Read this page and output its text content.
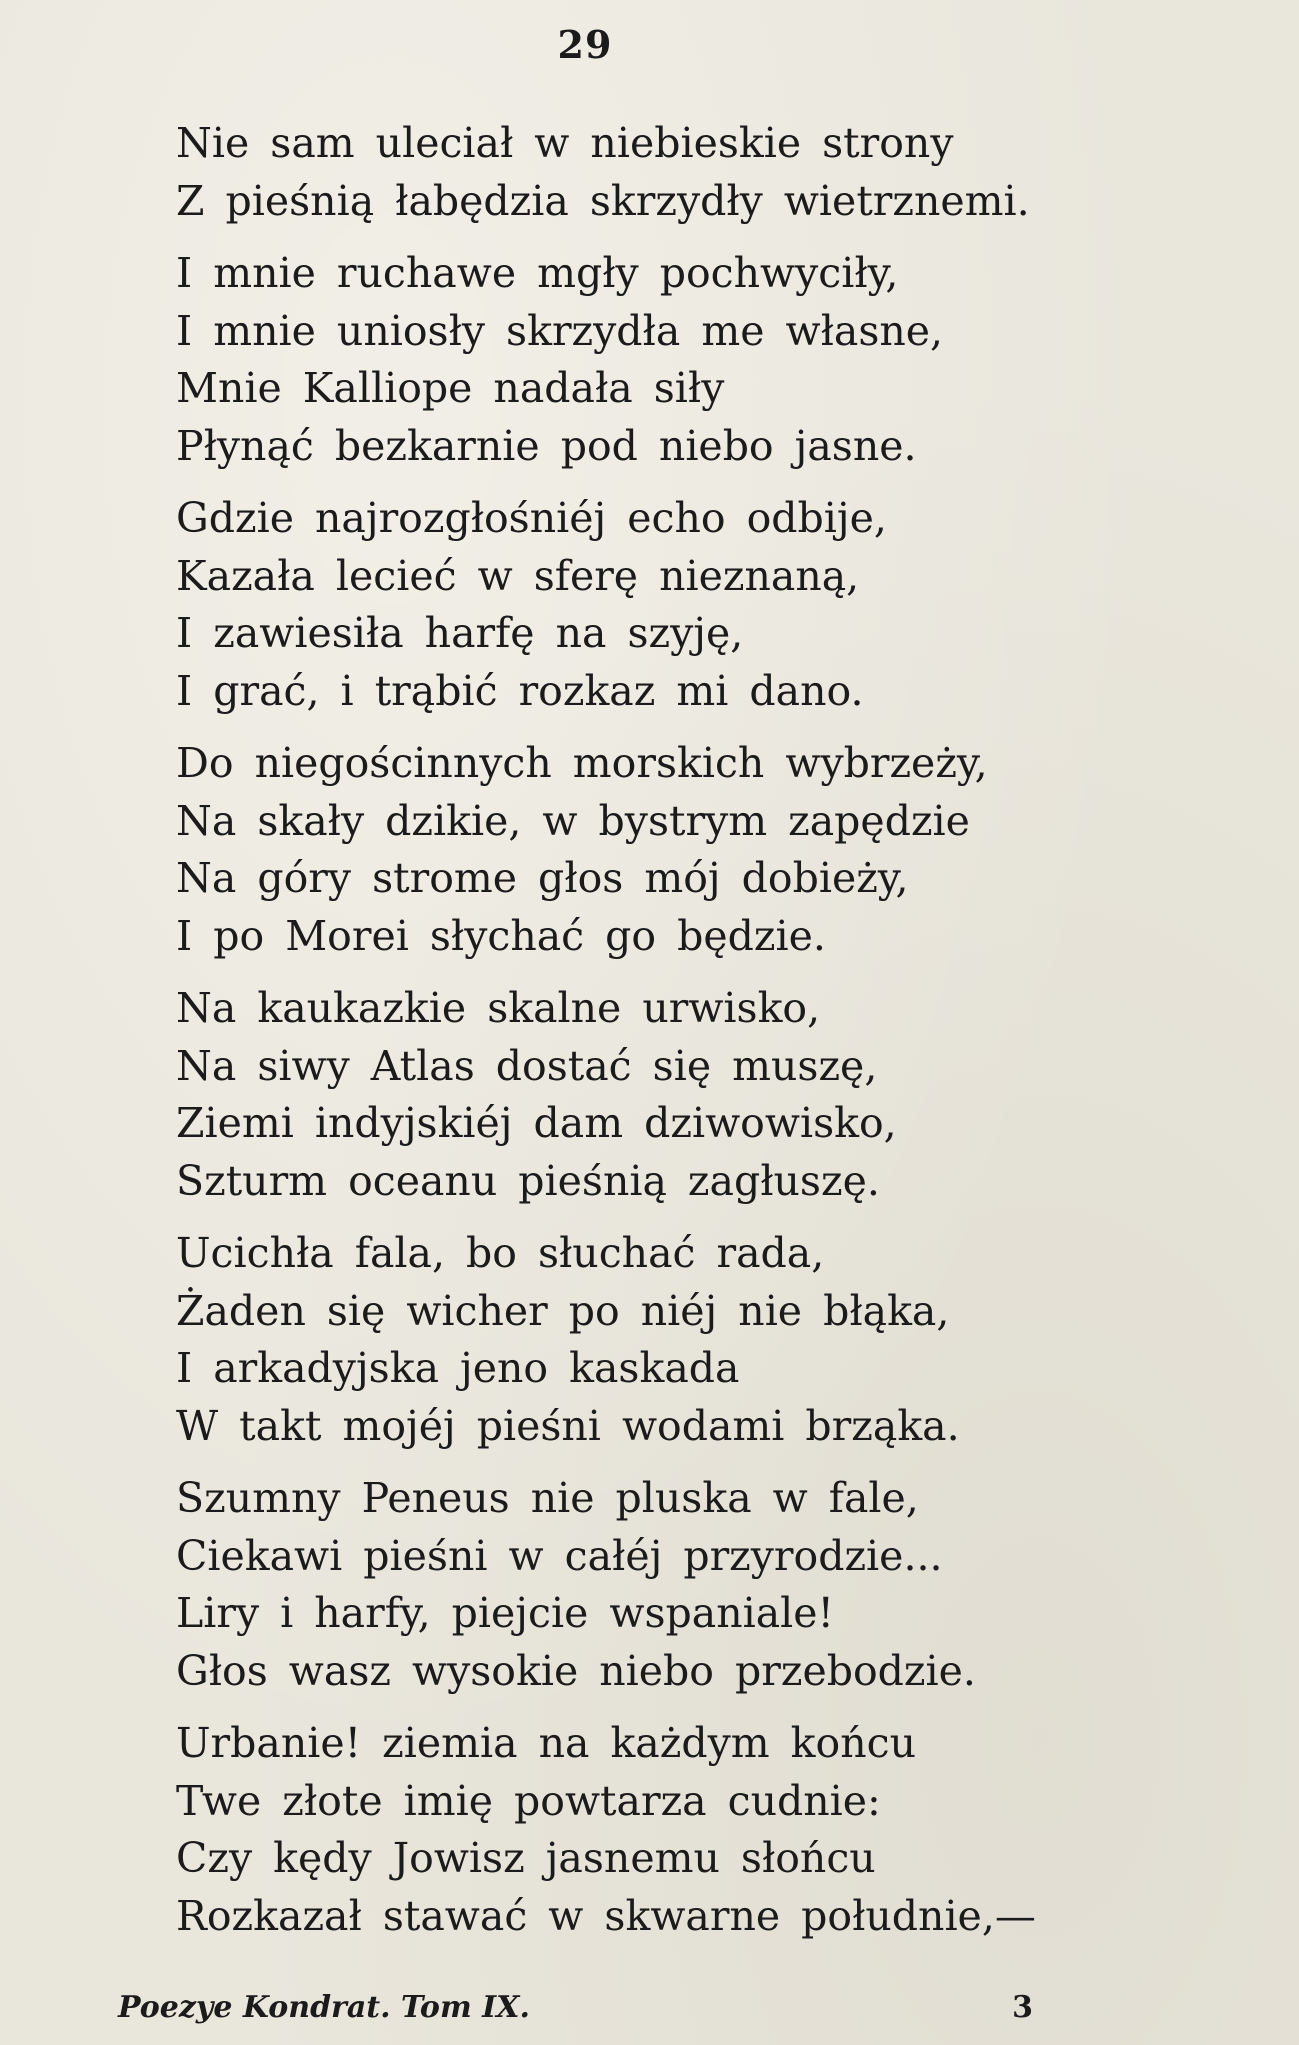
29
Nie sam uleciał w niebieskie strony
Z pieśnią łabędzia skrzydły wietrznemi.
I mnie ruchawe mgły pochwyciły,
I mnie uniosły skrzydła me własne,
Mnie Kalliope nadała siły
Płynąć bezkarnie pod niebo jasne.
Gdzie najrozgłośniéj echo odbije,
Kazała lecieć w sferę nieznaną,
I zawiesiła harfę na szyję,
I grać, i trąbić rozkaz mi dano.
Do niegościnnych morskich wybrzeży,
Na skały dzikie, w bystrym zapędzie
Na góry strome głos mój dobieży,
I po Morei słychać go będzie.
Na kaukazkie skalne urwisko,
Na siwy Atlas dostać się muszę,
Ziemi indyjskiéj dam dziwowisko,
Szturm oceanu pieśnią zagłuszę.
Ucichła fala, bo słuchać rada,
Żaden się wicher po niéj nie błąka,
I arkadyjska jeno kaskada
W takt mojéj pieśni wodami brząka.
Szumny Peneus nie pluska w fale,
Ciekawi pieśni w całéj przyrodzie...
Liry i harfy, piejcie wspaniale!
Głos wasz wysokie niebo przebodzie.
Urbanie! ziemia na każdym końcu
Twe złote imię powtarza cudnie:
Czy kędy Jowisz jasnemu słońcu
Rozkazał stawać w skwarne południe,—
Poezye Kondrat. Tom IX.	3
